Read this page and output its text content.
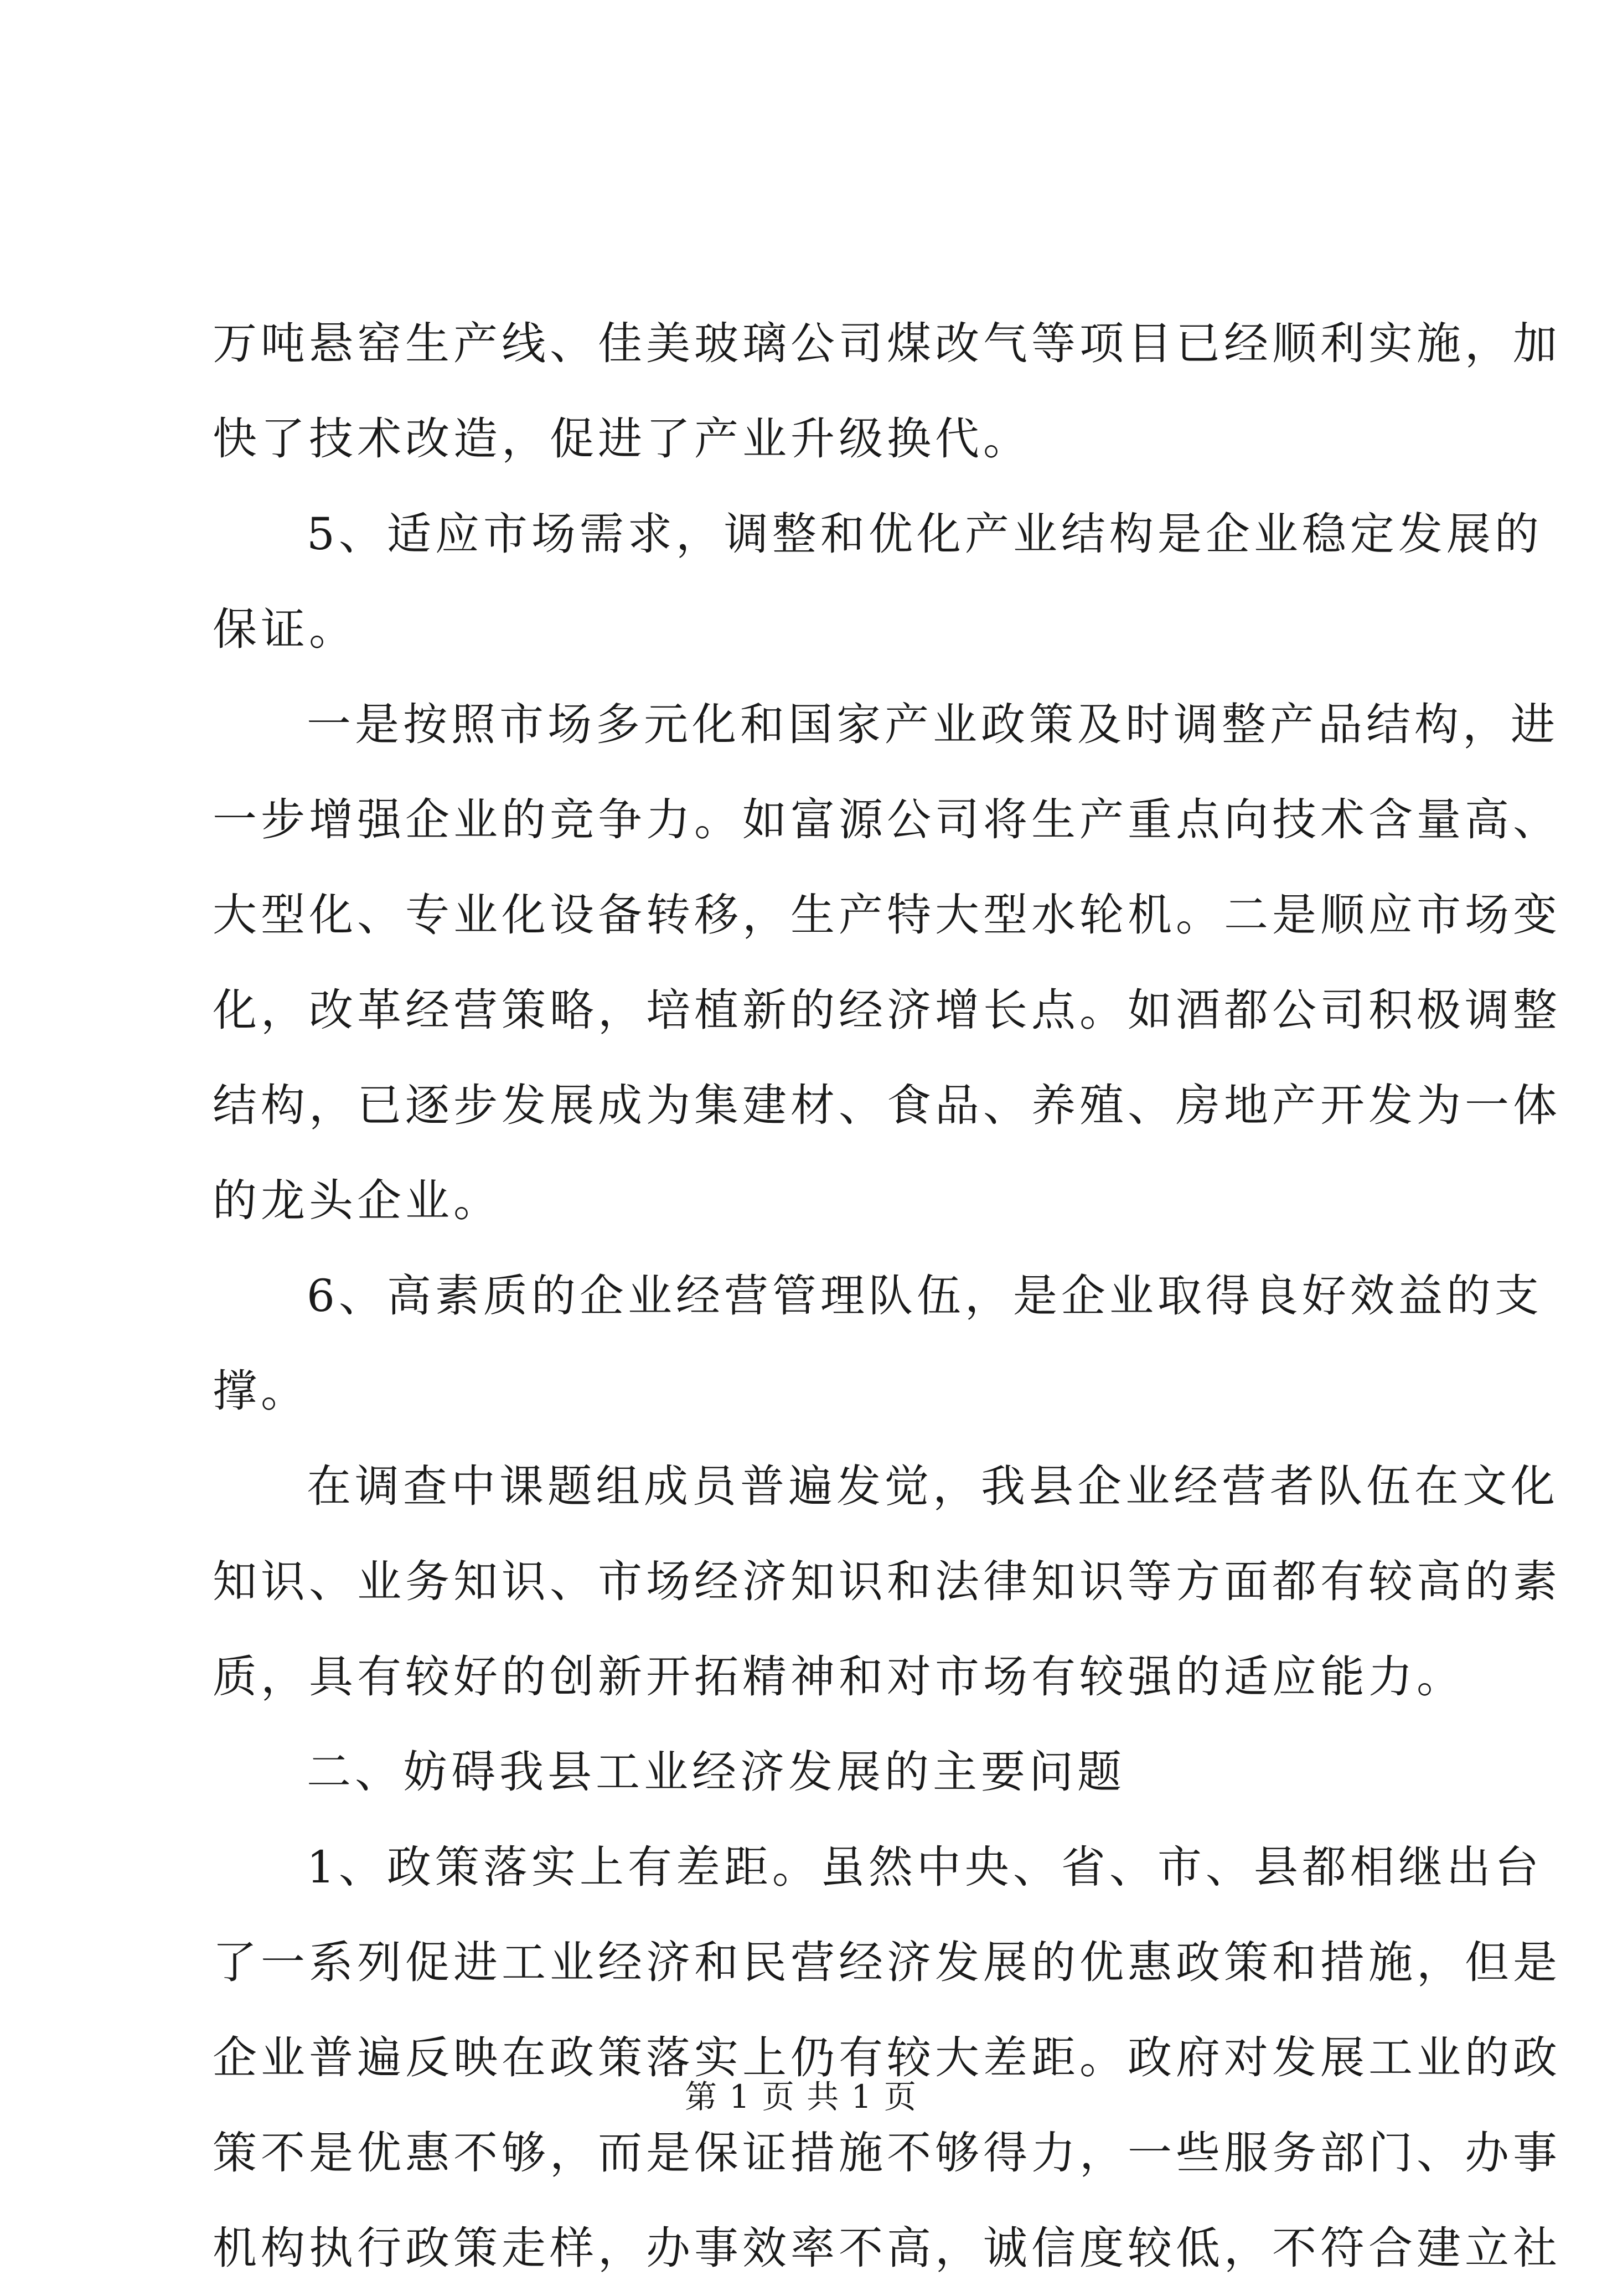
万吨悬窑生产线、佳美玻璃公司煤改气等项目已经顺利实施，加
快了技术改造，促进了产业升级换代。
5、适应市场需求，调整和优化产业结构是企业稳定发展的
保证。
一是按照市场多元化和国家产业政策及时调整产品结构，进
一步增强企业的竞争力。如富源公司将生产重点向技术含量高、
大型化、专业化设备转移，生产特大型水轮机。二是顺应市场变
化，改革经营策略，培植新的经济增长点。如酒都公司积极调整
结构，已逐步发展成为集建材、食品、养殖、房地产开发为一体
的龙头企业。
6、高素质的企业经营管理队伍，是企业取得良好效益的支
撑。
在调查中课题组成员普遍发觉，我县企业经营者队伍在文化
知识、业务知识、市场经济知识和法律知识等方面都有较高的素
质，具有较好的创新开拓精神和对市场有较强的适应能力。
二、妨碍我县工业经济发展的主要问题
1、政策落实上有差距。虽然中央、省、市、县都相继出台
了一系列促进工业经济和民营经济发展的优惠政策和措施，但是
企业普遍反映在政策落实上仍有较大差距。政府对发展工业的政
策不是优惠不够，而是保证措施不够得力，一些服务部门、办事
机构执行政策走样，办事效率不高，诚信度较低，不符合建立社
第 1 页 共 1 页
